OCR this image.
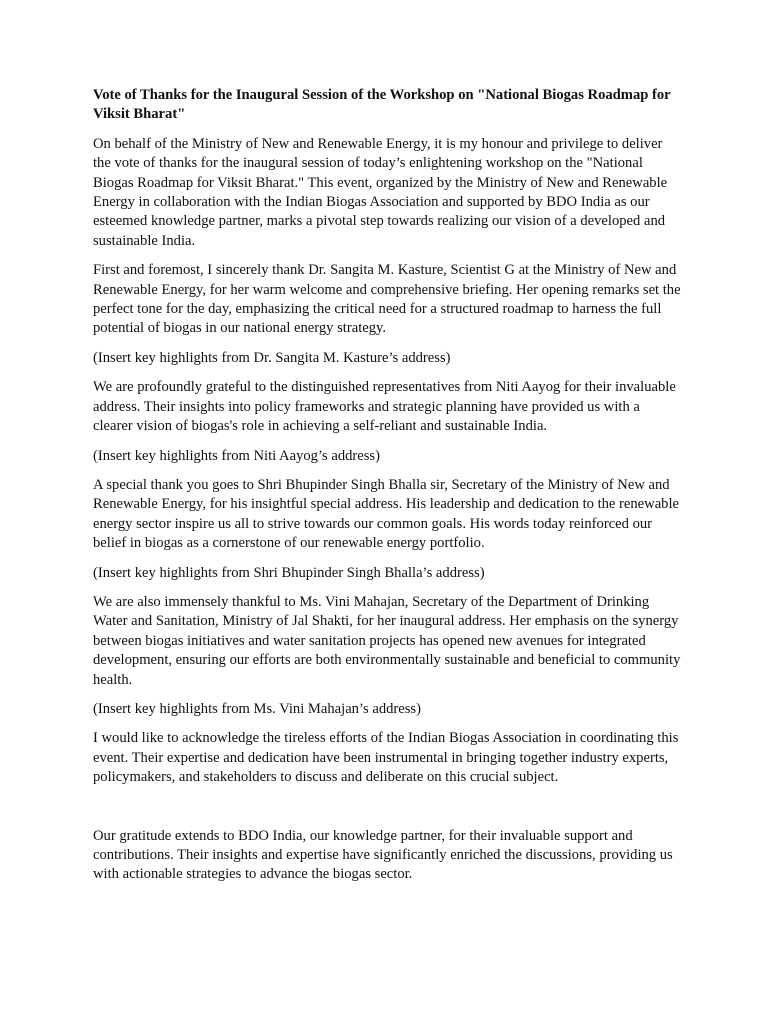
Vote of Thanks for the Inaugural Session of the Workshop on "National Biogas Roadmap for Viksit Bharat"

On behalf of the Ministry of New and Renewable Energy, it is my honour and privilege to deliver the vote of thanks for the inaugural session of today’s enlightening workshop on the "National Biogas Roadmap for Viksit Bharat." This event, organized by the Ministry of New and Renewable Energy in collaboration with the Indian Biogas Association and supported by BDO India as our esteemed knowledge partner, marks a pivotal step towards realizing our vision of a developed and sustainable India.

First and foremost, I sincerely thank Dr. Sangita M. Kasture, Scientist G at the Ministry of New and Renewable Energy, for her warm welcome and comprehensive briefing. Her opening remarks set the perfect tone for the day, emphasizing the critical need for a structured roadmap to harness the full potential of biogas in our national energy strategy.

(Insert key highlights from Dr. Sangita M. Kasture’s address)

We are profoundly grateful to the distinguished representatives from Niti Aayog for their invaluable address. Their insights into policy frameworks and strategic planning have provided us with a clearer vision of biogas's role in achieving a self-reliant and sustainable India.

(Insert key highlights from Niti Aayog’s address)

A special thank you goes to Shri Bhupinder Singh Bhalla sir, Secretary of the Ministry of New and Renewable Energy, for his insightful special address. His leadership and dedication to the renewable energy sector inspire us all to strive towards our common goals. His words today reinforced our belief in biogas as a cornerstone of our renewable energy portfolio.

(Insert key highlights from Shri Bhupinder Singh Bhalla’s address)

We are also immensely thankful to Ms. Vini Mahajan, Secretary of the Department of Drinking Water and Sanitation, Ministry of Jal Shakti, for her inaugural address. Her emphasis on the synergy between biogas initiatives and water sanitation projects has opened new avenues for integrated development, ensuring our efforts are both environmentally sustainable and beneficial to community health.

(Insert key highlights from Ms. Vini Mahajan’s address)

I would like to acknowledge the tireless efforts of the Indian Biogas Association in coordinating this event. Their expertise and dedication have been instrumental in bringing together industry experts, policymakers, and stakeholders to discuss and deliberate on this crucial subject.

Our gratitude extends to BDO India, our knowledge partner, for their invaluable support and contributions. Their insights and expertise have significantly enriched the discussions, providing us with actionable strategies to advance the biogas sector.
